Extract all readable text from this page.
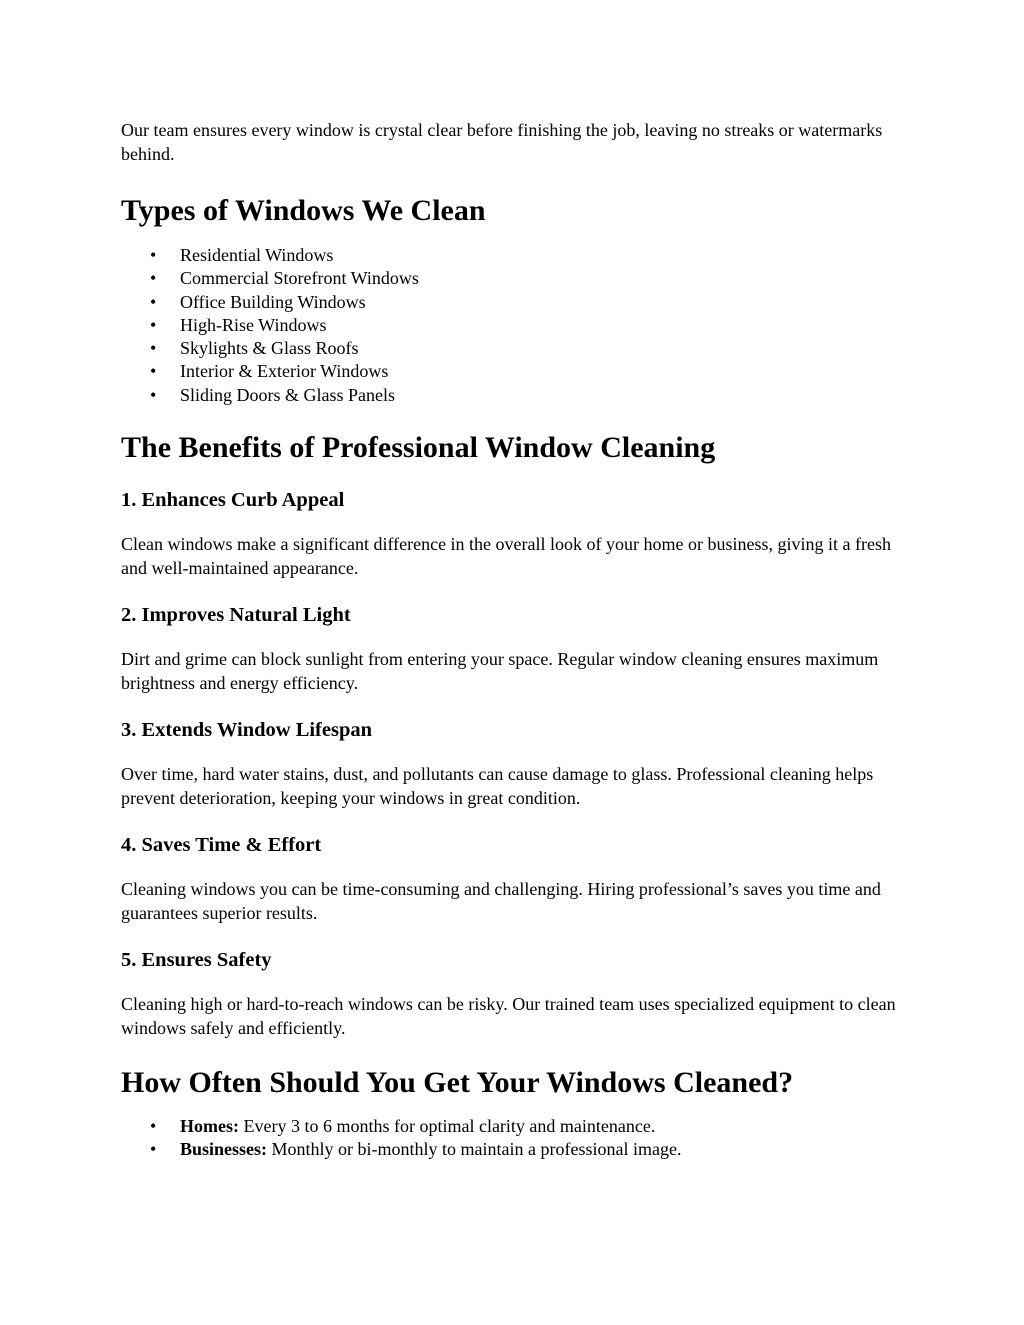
Our team ensures every window is crystal clear before finishing the job, leaving no streaks or watermarks behind.

Types of Windows We Clean
• Residential Windows
• Commercial Storefront Windows
• Office Building Windows
• High-Rise Windows
• Skylights & Glass Roofs
• Interior & Exterior Windows
• Sliding Doors & Glass Panels
The Benefits of Professional Window Cleaning
1. Enhances Curb Appeal

Clean windows make a significant difference in the overall look of your home or business, giving it a fresh and well-maintained appearance.

2. Improves Natural Light

Dirt and grime can block sunlight from entering your space. Regular window cleaning ensures maximum brightness and energy efficiency.

3. Extends Window Lifespan

Over time, hard water stains, dust, and pollutants can cause damage to glass. Professional cleaning helps prevent deterioration, keeping your windows in great condition.

4. Saves Time & Effort

Cleaning windows you can be time-consuming and challenging. Hiring professional’s saves you time and guarantees superior results.

5. Ensures Safety

Cleaning high or hard-to-reach windows can be risky. Our trained team uses specialized equipment to clean windows safely and efficiently.

How Often Should You Get Your Windows Cleaned?
• Homes: Every 3 to 6 months for optimal clarity and maintenance.
• Businesses: Monthly or bi-monthly to maintain a professional image.
